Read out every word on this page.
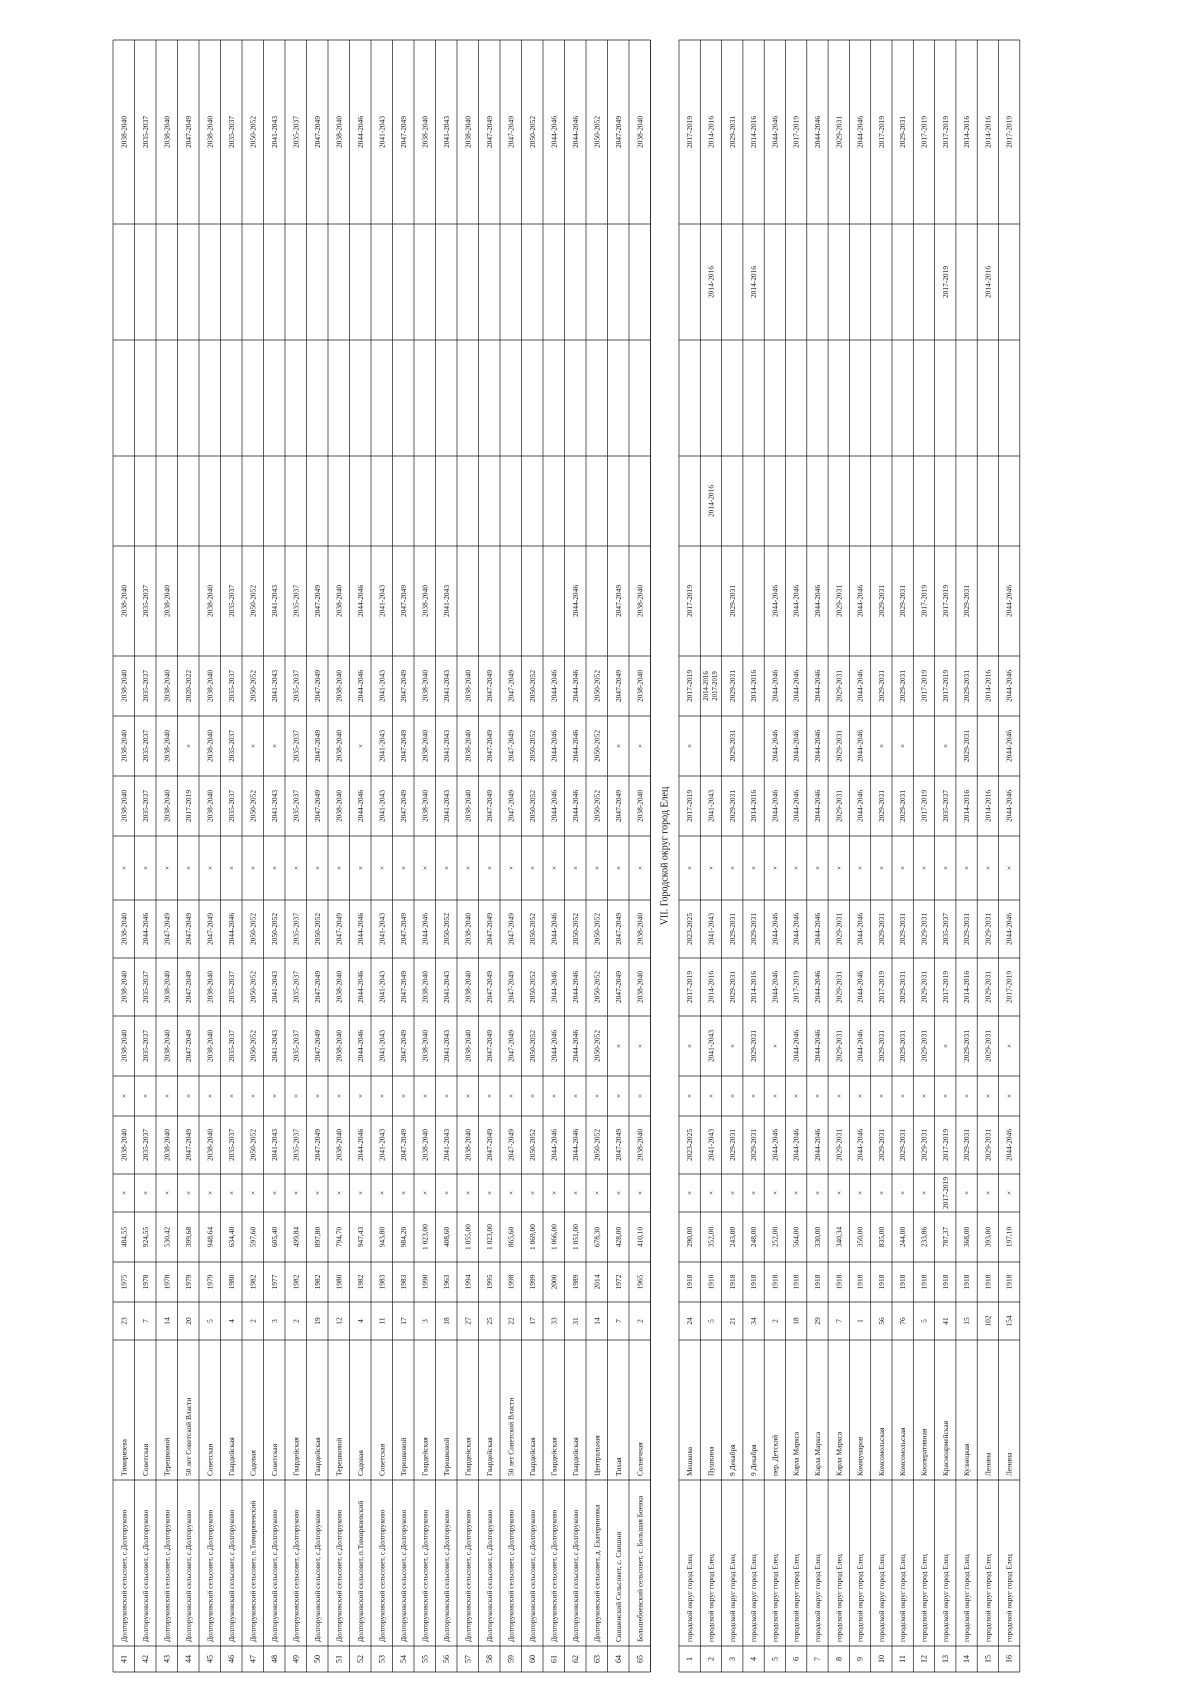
41
Долгоруковский сельсовет, с.Долгоруково
Тимирязева
23
1975
484,55
×
2038-2040
×
2038-2040
2038-2040
2038-2040
×
2038-2040
2038-2040
2038-2040
2038-2040
2038-2040
42
Долгоруковский сельсовет, с.Долгоруково
Советская
7
1978
924,55
×
2035-2037
×
2035-2037
2035-2037
2044-2046
×
2035-2037
2035-2037
2035-2037
2035-2037
2035-2037
43
Долгоруковский сельсовет, с.Долгоруково
Терешковой
14
1978
530,42
×
2038-2040
×
2038-2040
2038-2040
2047-2049
×
2038-2040
2038-2040
2038-2040
2038-2040
2038-2040
44
Долгоруковский сельсовет, с.Долгоруково
50 лет Советской Власти
20
1979
399,68
×
2047-2049
×
2047-2049
2047-2049
2047-2049
×
2017-2019
×
2020-2022
2047-2049
45
Долгоруковский сельсовет, с.Долгоруково
Советская
5
1979
948,64
×
2038-2040
×
2038-2040
2038-2040
2047-2049
×
2038-2040
2038-2040
2038-2040
2038-2040
2038-2040
46
Долгоруковский сельсовет, с.Долгоруково
Гвардейская
4
1980
634,40
×
2035-2037
×
2035-2037
2035-2037
2044-2046
×
2035-2037
2035-2037
2035-2037
2035-2037
2035-2037
47
Долгоруковский сельсовет, п.Тимирязевский
Садовая
2
1982
597,60
×
2050-2052
×
2050-2052
2050-2052
2050-2052
×
2050-2052
×
2050-2052
2050-2052
2050-2052
48
Долгоруковский сельсовет, с.Долгоруково
Советская
3
1977
605,40
×
2041-2043
×
2041-2043
2041-2043
2050-2052
×
2041-2043
×
2041-2043
2041-2043
2041-2043
49
Долгоруковский сельсовет, с.Долгоруково
Гвардейская
2
1982
499,84
×
2035-2037
×
2035-2037
2035-2037
2035-2037
×
2035-2037
2035-2037
2035-2037
2035-2037
2035-2037
50
Долгоруковский сельсовет, с.Долгоруково
Гвардейская
19
1982
897,80
×
2047-2049
×
2047-2049
2047-2049
2050-2052
×
2047-2049
2047-2049
2047-2049
2047-2049
2047-2049
51
Долгоруковский сельсовет, с.Долгоруково
Терешковой
12
1980
794,70
×
2038-2040
×
2038-2040
2038-2040
2047-2049
×
2038-2040
2038-2040
2038-2040
2038-2040
2038-2040
52
Долгоруковский сельсовет, п.Тимирязевский
Садовая
4
1982
947,43
×
2044-2046
×
2044-2046
2044-2046
2044-2046
×
2044-2046
×
2044-2046
2044-2046
2044-2046
53
Долгоруковский сельсовет, с.Долгоруково
Советская
11
1983
943,80
×
2041-2043
×
2041-2043
2041-2043
2041-2043
×
2041-2043
2041-2043
2041-2043
2041-2043
2041-2043
54
Долгоруковский сельсовет, с.Долгоруково
Терешковой
17
1983
984,20
×
2047-2049
×
2047-2049
2047-2049
2047-2049
×
2047-2049
2047-2049
2047-2049
2047-2049
2047-2049
55
Долгоруковский сельсовет, с.Долгоруково
Гвардейская
3
1990
1 023,00
×
2038-2040
×
2038-2040
2038-2040
2044-2046
×
2038-2040
2038-2040
2038-2040
2038-2040
2038-2040
56
Долгоруковский сельсовет, с.Долгоруково
Терешковой
18
1963
408,60
×
2041-2043
×
2041-2043
2041-2043
2050-2052
×
2041-2043
2041-2043
2041-2043
2041-2043
2041-2043
57
Долгоруковский сельсовет, с.Долгоруково
Гвардейская
27
1994
1 055,00
×
2038-2040
×
2038-2040
2038-2040
2038-2040
×
2038-2040
2038-2040
2038-2040
2038-2040
58
Долгоруковский сельсовет, с.Долгоруково
Гвардейская
25
1995
1 023,00
×
2047-2049
×
2047-2049
2047-2049
2047-2049
×
2047-2049
2047-2049
2047-2049
2047-2049
59
Долгоруковский сельсовет, с.Долгоруково
50 лет Советской Власти
22
1998
865,60
×
2047-2049
×
2047-2049
2047-2049
2047-2049
×
2047-2049
2047-2049
2047-2049
2047-2049
60
Долгоруковский сельсовет, с.Долгоруково
Гвардейская
17
1999
1 069,00
×
2050-2052
×
2050-2052
2050-2052
2050-2052
×
2050-2052
2050-2052
2050-2052
2050-2052
61
Долгоруковский сельсовет, с.Долгоруково
Гвардейская
33
2000
1 066,00
×
2044-2046
×
2044-2046
2044-2046
2044-2046
×
2044-2046
2044-2046
2044-2046
2044-2046
62
Долгоруковский сельсовет, с.Долгоруково
Гвардейская
31
1989
1 051,00
×
2044-2046
×
2044-2046
2044-2046
2050-2052
×
2044-2046
2044-2046
2044-2046
2044-2046
2044-2046
63
Долгоруковский сельсовет, д. Екатериновка
Центральная
14
2014
678,30
×
2050-2052
×
2050-2052
2050-2052
2050-2052
×
2050-2052
2050-2052
2050-2052
2050-2052
64
Свишенский Сельсовет, с. Свишни
Тихая
7
1972
428,00
×
2047-2049
×
×
2047-2049
2047-2049
×
2047-2049
×
2047-2049
2047-2049
2047-2049
65
Большебоевский сельсовет, с. Большая Боевка
Солнечная
2
1965
410,10
×
2038-2040
×
×
2038-2040
2038-2040
×
2038-2040
×
2038-2040
2038-2040
2038-2040
1
городской округ город Елец
Мешкова
24
1918
290,00
×
2023-2025
×
×
2017-2019
2023-2025
×
2017-2019
×
2017-2019
2017-2019
2017-2019
2
городской округ город Елец
Пушкина
5
1910
352,00
×
2041-2043
×
2041-2043
2014-2016
2041-2043
×
2041-2043
2014-2016 2017-2019
2014-2016
2014-2016
2014-2016
3
городской округ город Елец
9 Декабря
21
1918
243,00
×
2029-2031
×
×
2029-2031
2029-2031
×
2029-2031
2029-2031
2029-2031
2029-2031
2029-2031
4
городской округ город Елец
9 Декабря
34
1918
248,00
×
2029-2031
×
2029-2031
2014-2016
2029-2031
×
2014-2016
2014-2016
2014-2016
2014-2016
5
городской округ город Елец
пер. Детский
2
1918
252,00
×
2044-2046
×
×
2044-2046
2044-2046
×
2044-2046
2044-2046
2044-2046
2044-2046
2044-2046
6
городской округ город Елец
Карла Маркса
18
1918
564,00
×
2044-2046
×
2044-2046
2017-2019
2044-2046
×
2044-2046
2044-2046
2044-2046
2044-2046
2017-2019
7
городской округ город Елец
Карла Маркса
29
1918
330,00
×
2044-2046
×
2044-2046
2044-2046
2044-2046
×
2044-2046
2044-2046
2044-2046
2044-2046
2044-2046
8
городской округ город Елец
Карла Маркса
7
1918
340,34
×
2029-2031
×
2029-2031
2029-2031
2029-2031
×
2029-2031
2029-2031
2029-2031
2029-2031
2029-2031
9
городской округ город Елец
Коммунаров
1
1918
350,00
×
2044-2046
×
2044-2046
2044-2046
2044-2046
×
2044-2046
2044-2046
2044-2046
2044-2046
2044-2046
10
городской округ город Елец
Комсомольская
56
1918
835,00
×
2029-2031
×
2029-2031
2017-2019
2029-2031
×
2029-2031
×
2029-2031
2029-2031
2017-2019
11
городской округ город Елец
Комсомольская
76
1918
244,00
×
2029-2031
×
2029-2031
2029-2031
2029-2031
×
2029-2031
×
2029-2031
2029-2031
2029-2031
12
городской округ город Елец
Кооперативная
5
1918
233,86
×
2029-2031
×
2029-2031
2029-2031
2029-2031
×
2017-2019
2017-2019
2017-2019
2017-2019
13
городской округ город Елец
Красноармейская
41
1918
787,37
2017-2019
2017-2019
×
×
2017-2019
2035-2037
×
2035-2037
×
2017-2019
2017-2019
2017-2019
2017-2019
14
городской округ город Елец
Кузнецкая
15
1918
368,00
×
2029-2031
×
2029-2031
2014-2016
2029-2031
×
2014-2016
2029-2031
2029-2031
2029-2031
2014-2016
15
городской округ город Елец
Ленина
102
1918
393,00
×
2029-2031
×
2029-2031
2029-2031
2029-2031
×
2014-2016
2014-2016
2014-2016
2014-2016
16
городской округ город Елец
Ленина
154
1918
197,10
×
2044-2046
×
×
2017-2019
2044-2046
×
2044-2046
2044-2046
2044-2046
2044-2046
2017-2019
VII. Городской округ город Елец
